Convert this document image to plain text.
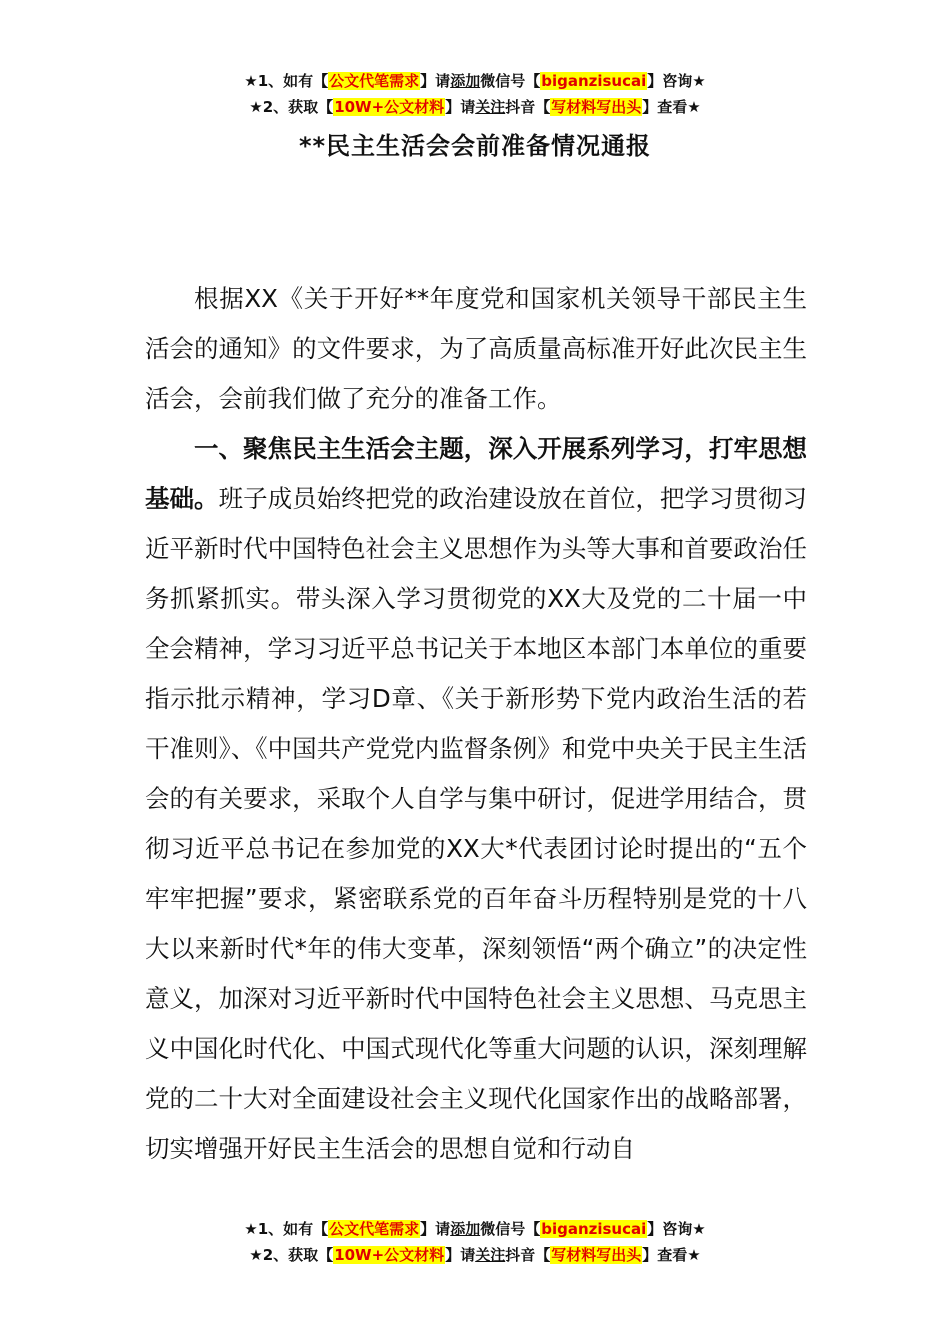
★1、如有【公文代笔需求】请添加微信号【biganzisucai】咨询★
★2、获取【10W+公文材料】请关注抖音【写材料写出头】查看★
**民主生活会会前准备情况通报

根据XX《关于开好**年度党和国家机关领导干部民主生活会的通知》的文件要求，为了高质量高标准开好此次民主生活会，会前我们做了充分的准备工作。

一、聚焦民主生活会主题，深入开展系列学习，打牢思想基础。班子成员始终把党的政治建设放在首位，把学习贯彻习近平新时代中国特色社会主义思想作为头等大事和首要政治任务抓紧抓实。带头深入学习贯彻党的XX大及党的二十届一中全会精神，学习习近平总书记关于本地区本部门本单位的重要指示批示精神，学习D章、《关于新形势下党内政治生活的若干准则》、《中国共产党党内监督条例》和党中央关于民主生活会的有关要求，采取个人自学与集中研讨，促进学用结合，贯彻习近平总书记在参加党的XX大*代表团讨论时提出的“五个牢牢把握”要求，紧密联系党的百年奋斗历程特别是党的十八大以来新时代*年的伟大变革，深刻领悟“两个确立”的决定性意义，加深对习近平新时代中国特色社会主义思想、马克思主义中国化时代化、中国式现代化等重大问题的认识，深刻理解党的二十大对全面建设社会主义现代化国家作出的战略部署，切实增强开好民主生活会的思想自觉和行动自

★1、如有【公文代笔需求】请添加微信号【biganzisucai】咨询★
★2、获取【10W+公文材料】请关注抖音【写材料写出头】查看★
